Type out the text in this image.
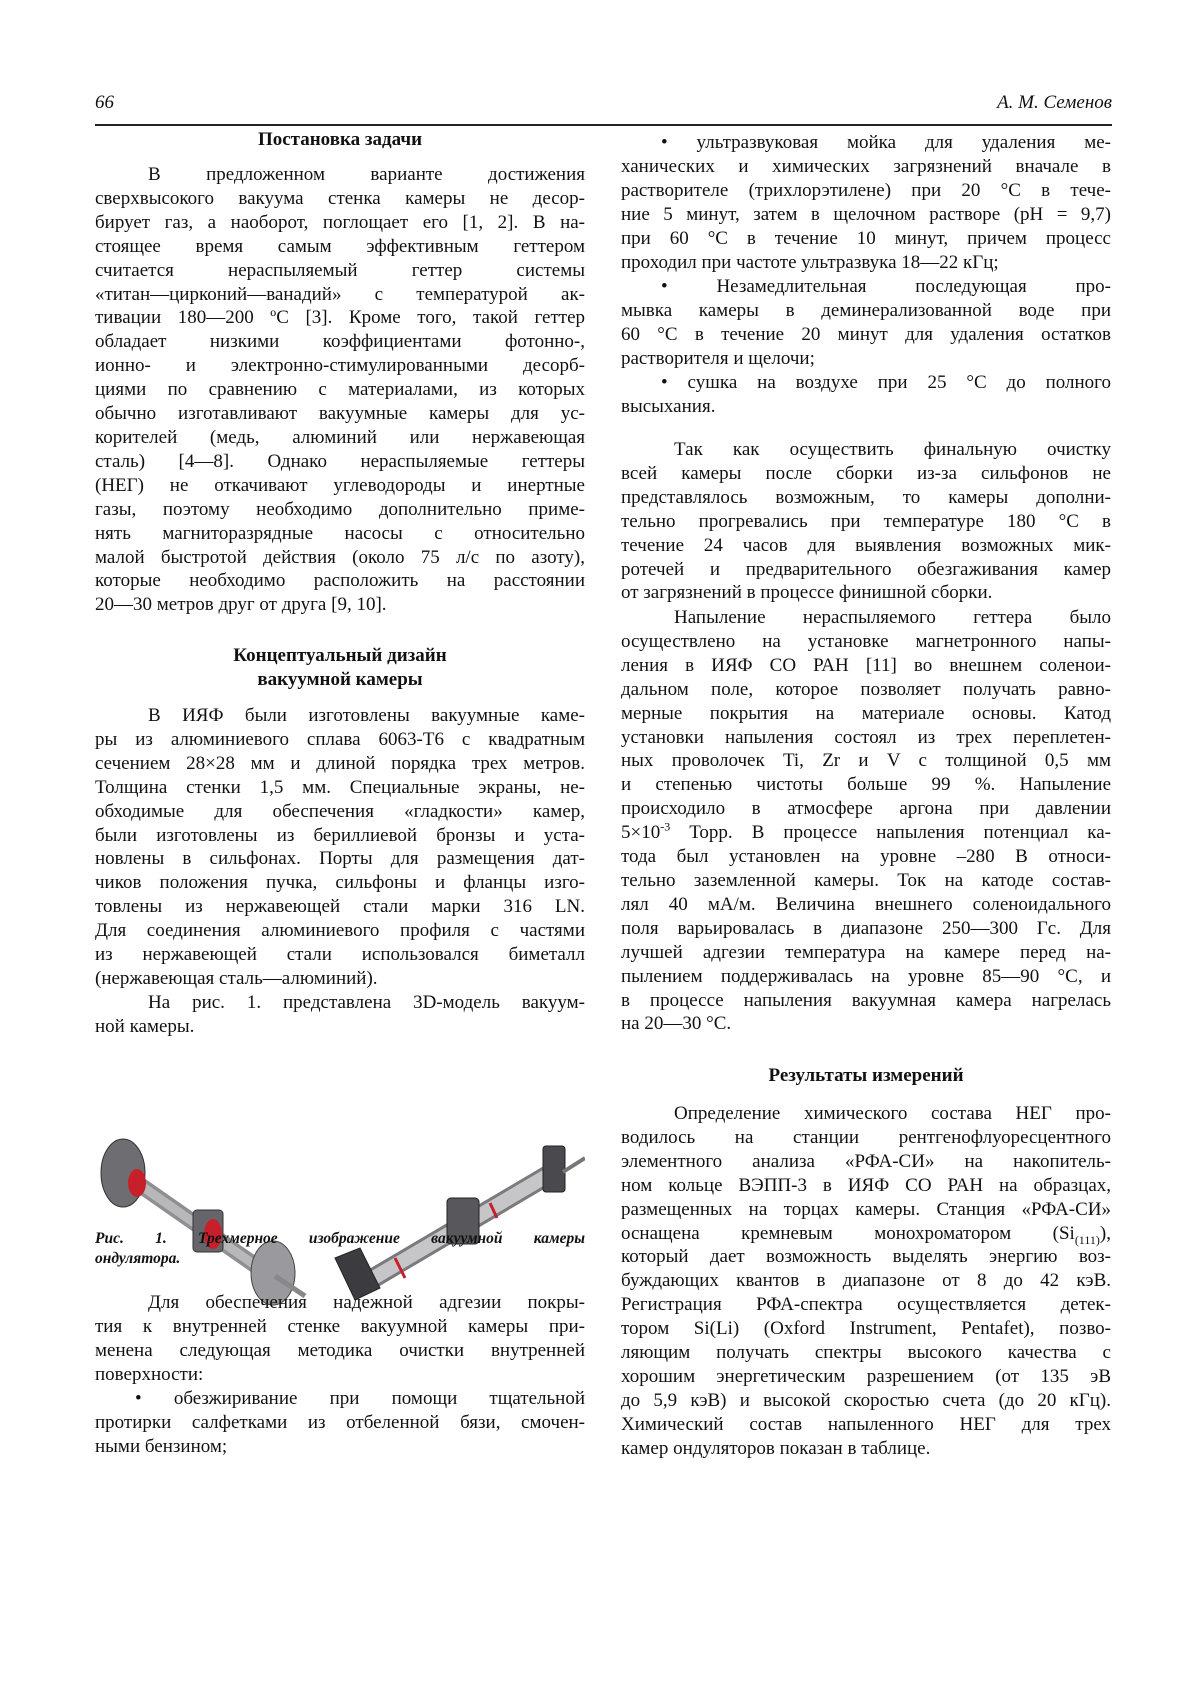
66	А. М. Семенов
Постановка задачи
В предложенном варианте достижения
сверхвысокого вакуума стенка камеры не десор-
бирует газ, а наоборот, поглощает его [1, 2]. В на-
стоящее время самым эффективным геттером
считается нераспыляемый геттер системы
«титан—цирконий—ванадий» с температурой ак-
тивации 180—200 ºС [3]. Кроме того, такой геттер
обладает низкими коэффициентами фотонно-,
ионно- и электронно-стимулированными десорб-
циями по сравнению с материалами, из которых
обычно изготавливают вакуумные камеры для ус-
корителей (медь, алюминий или нержавеющая
сталь) [4—8]. Однако нераспыляемые геттеры
(НЕГ) не откачивают углеводороды и инертные
газы, поэтому необходимо дополнительно приме-
нять магниторазрядные насосы с относительно
малой быстротой действия (около 75 л/с по азоту),
которые необходимо расположить на расстоянии
20—30 метров друг от друга [9, 10].
Концептуальный дизайн
вакуумной камеры
В ИЯФ были изготовлены вакуумные каме-
ры из алюминиевого сплава 6063-Т6 с квадратным
сечением 28×28 мм и длиной порядка трех метров.
Толщина стенки 1,5 мм. Специальные экраны, не-
обходимые для обеспечения «гладкости» камер,
были изготовлены из бериллиевой бронзы и уста-
новлены в сильфонах. Порты для размещения дат-
чиков положения пучка, сильфоны и фланцы изго-
товлены из нержавеющей стали марки 316 LN.
Для соединения алюминиевого профиля с частями
из нержавеющей стали использовался биметалл
(нержавеющая сталь—алюминий).
На рис. 1. представлена 3D-модель вакуум-
ной камеры.
Рис. 1. Трехмерное изображение вакуумной камеры
ондулятора.
Для обеспечения надежной адгезии покры-
тия к внутренней стенке вакуумной камеры при-
менена следующая методика очистки внутренней
поверхности:
• обезжиривание при помощи тщательной
протирки салфетками из отбеленной бязи, смочен-
ными бензином;
• ультразвуковая мойка для удаления ме-
ханических и химических загрязнений вначале в
растворителе (трихлорэтилене) при 20 °С в тече-
ние 5 минут, затем в щелочном растворе (pH = 9,7)
при 60 °С в течение 10 минут, причем процесс
проходил при частоте ультразвука 18—22 кГц;
• Незамедлительная последующая про-
мывка камеры в деминерализованной воде при
60 °С в течение 20 минут для удаления остатков
растворителя и щелочи;
• сушка на воздухе при 25 °С до полного
высыхания.
Так как осуществить финальную очистку
всей камеры после сборки из-за сильфонов не
представлялось возможным, то камеры дополни-
тельно прогревались при температуре 180 °С в
течение 24 часов для выявления возможных мик-
ротечей и предварительного обезгаживания камер
от загрязнений в процессе финишной сборки.
Напыление нераспыляемого геттера было
осуществлено на установке магнетронного напы-
ления в ИЯФ СО РАН [11] во внешнем соленои-
дальном поле, которое позволяет получать равно-
мерные покрытия на материале основы. Катод
установки напыления состоял из трех переплетен-
ных проволочек Ti, Zr и V с толщиной 0,5 мм
и степенью чистоты больше 99 %. Напыление
происходило в атмосфере аргона при давлении
$5\times 10^{-3}$ Торр. В процессе напыления потенциал ка-
тода был установлен на уровне –280 В относи-
тельно заземленной камеры. Ток на катоде состав-
лял 40 мА/м. Величина внешнего соленоидального
поля варьировалась в диапазоне 250—300 Гс. Для
лучшей адгезии температура на камере перед на-
пылением поддерживалась на уровне 85—90 °С, и
в процессе напыления вакуумная камера нагрелась
на 20—30 °С.
Результаты измерений
Определение химического состава НЕГ про-
водилось на станции рентгенофлуоресцентного
элементного анализа «РФА-СИ» на накопитель-
ном кольце ВЭПП-3 в ИЯФ СО РАН на образцах,
размещенных на торцах камеры. Станция «РФА-СИ»
оснащена кремневым монохроматором $(Si_{(111)})$,
который дает возможность выделять энергию воз-
буждающих квантов в диапазоне от 8 до 42 кэВ.
Регистрация РФА-спектра осуществляется детек-
тором Si(Li) (Oxford Instrument, Pentafet), позво-
ляющим получать спектры высокого качества с
хорошим энергетическим разрешением (от 135 эВ
до 5,9 кэВ) и высокой скоростью счета (до 20 кГц).
Химический состав напыленного НЕГ для трех
камер ондуляторов показан в таблице.
